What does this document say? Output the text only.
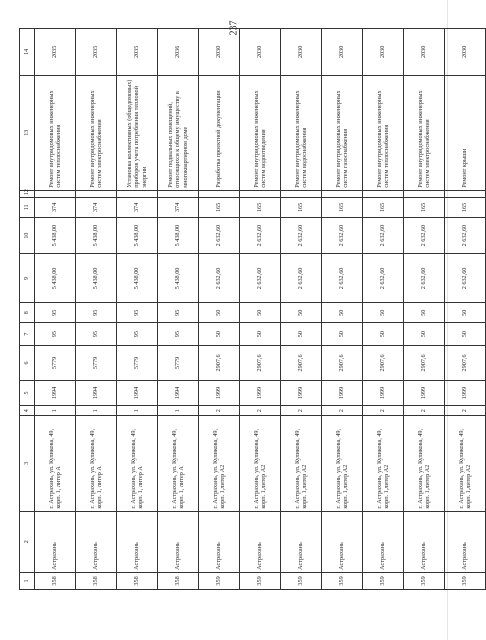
237
1	2	3	4	5	6	7	8	9	10	11	12	13	14
358	Астрахань	г. Астрахань, ул. Куликова, 49, корп. 1, литер А	1	1994	5779	95	95	5 438,00	5 438,00	374		Ремонт внутридомовых инженерных систем теплоснабжения	2035
358	Астрахань	г. Астрахань, ул. Куликова, 49, корп. 1, литер А	1	1994	5779	95	95	5 438,00	5 438,00	374		Ремонт внутридомовых инженерных систем электроснабжения	2035
358	Астрахань	г. Астрахань, ул. Куликова, 49, корп. 1, литер А	1	1994	5779	95	95	5 438,00	5 438,00	374		Установка коллективных (общедомовых) приборов учета потребления тепловой энергии	2035
358	Астрахань	г. Астрахань, ул. Куликова, 49, корп. 1, литер А	1	1994	5779	95	95	5 438,00	5 438,00	374		Ремонт подвальных помещений, относящихся к общему имуществу в многоквартирном доме	2036
359	Астрахань	г. Астрахань, ул. Куликова, 49, корп. 1,литер А2	2	1999	2907,6	50	50	2 632,60	2 632,60	165		Разработка проектной документации	2030
359	Астрахань	г. Астрахань, ул. Куликова, 49, корп. 1,литер А2	2	1999	2907,6	50	50	2 632,60	2 632,60	165		Ремонт внутридомовых инженерных систем водоотведения	2030
359	Астрахань	г. Астрахань, ул. Куликова, 49, корп. 1,литер А2	2	1999	2907,6	50	50	2 632,60	2 632,60	165		Ремонт внутридомовых инженерных систем водоснабжения	2030
359	Астрахань	г. Астрахань, ул. Куликова, 49, корп. 1,литер А2	2	1999	2907,6	50	50	2 632,60	2 632,60	165		Ремонт внутридомовых инженерных систем газоснабжения	2030
359	Астрахань	г. Астрахань, ул. Куликова, 49, корп. 1,литер А2	2	1999	2907,6	50	50	2 632,60	2 632,60	165		Ремонт внутридомовых инженерных систем теплоснабжения	2030
359	Астрахань	г. Астрахань, ул. Куликова, 49, корп. 1,литер А2	2	1999	2907,6	50	50	2 632,60	2 632,60	165		Ремонт внутридомовых инженерных систем электроснабжения	2030
359	Астрахань	г. Астрахань, ул. Куликова, 49, корп. 1,литер А2	2	1999	2907,6	50	50	2 632,60	2 632,60	165		Ремонт крыши	2030
